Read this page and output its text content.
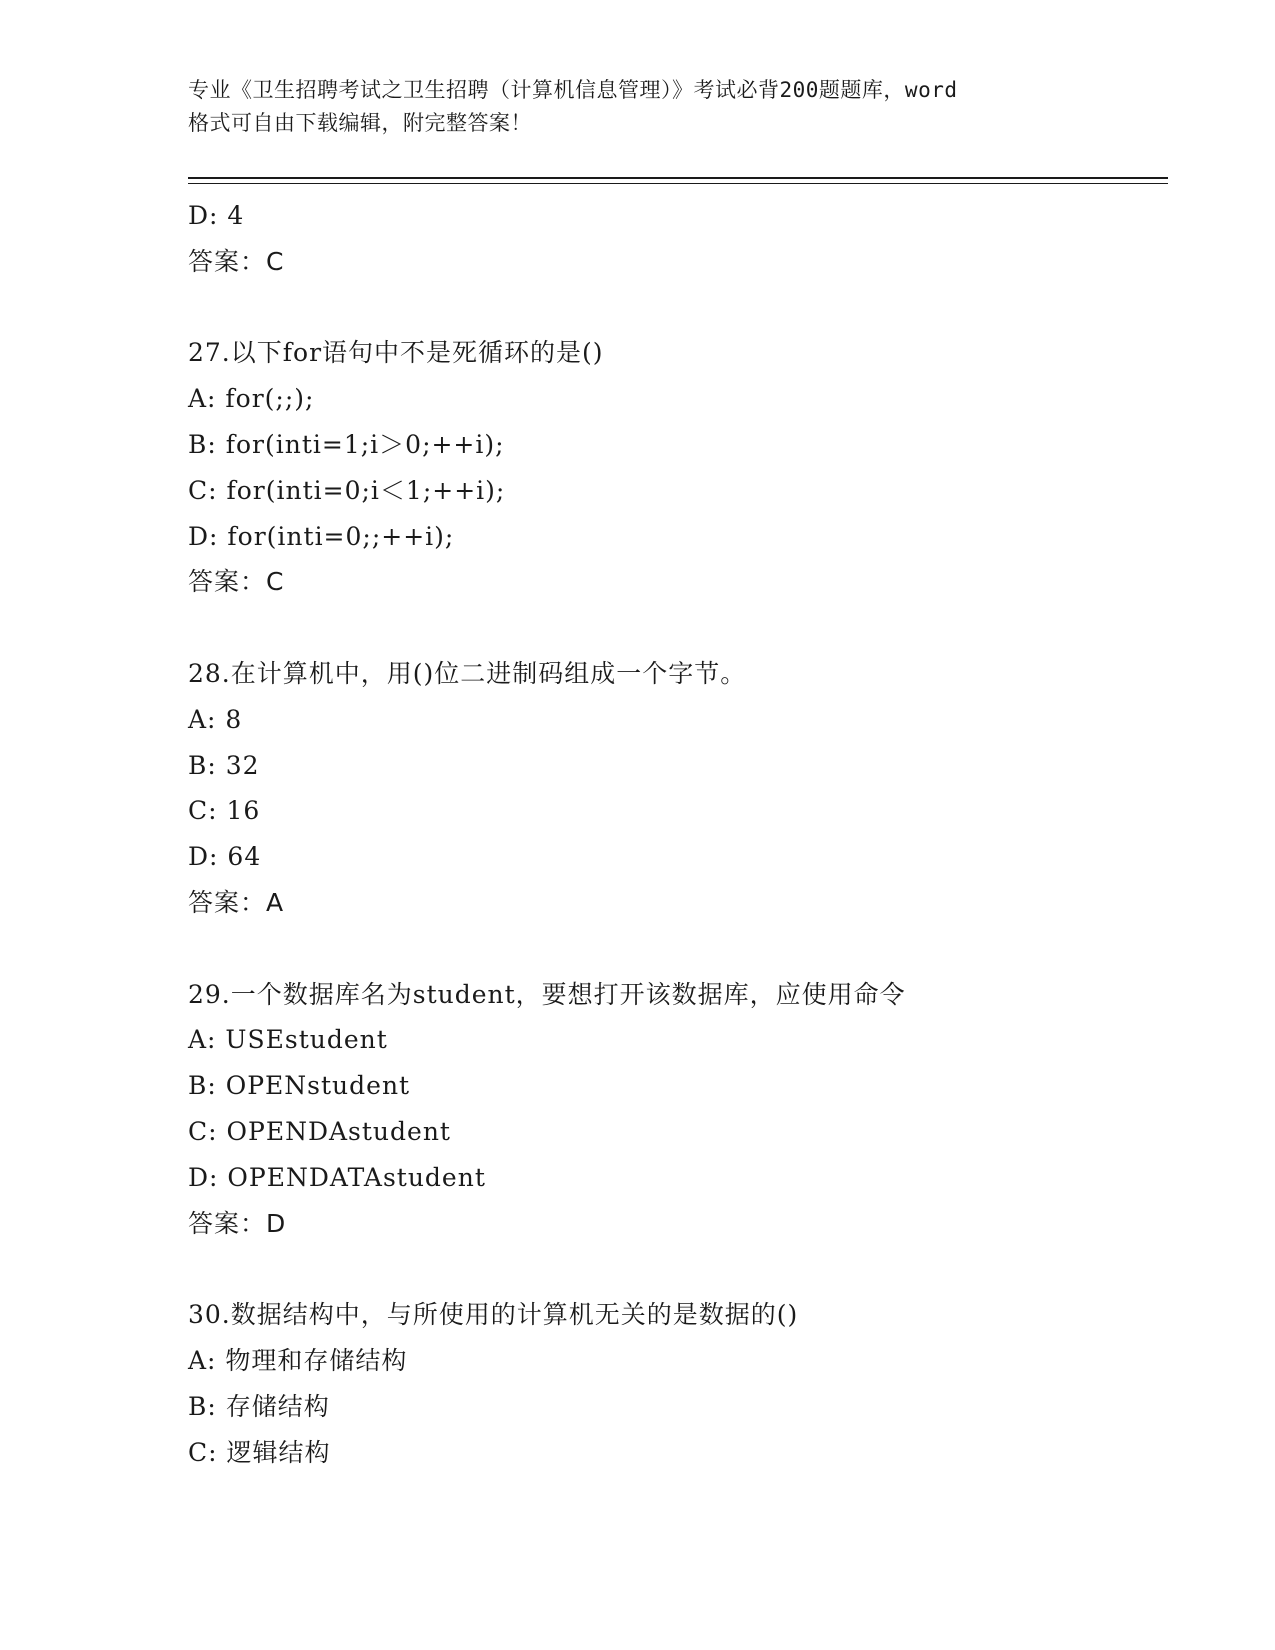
专业《卫生招聘考试之卫生招聘（计算机信息管理）》考试必背200题题库，word
格式可自由下载编辑，附完整答案！
D: 4
答案：C
27.以下for语句中不是死循环的是()
A: for(;;);
B: for(inti=1;i＞0;++i);
C: for(inti=0;i＜1;++i);
D: for(inti=0;;++i);
答案：C
28.在计算机中，用()位二进制码组成一个字节。
A: 8
B: 32
C: 16
D: 64
答案：A
29.一个数据库名为student，要想打开该数据库，应使用命令
A: USEstudent
B: OPENstudent
C: OPENDAstudent
D: OPENDATAstudent
答案：D
30.数据结构中，与所使用的计算机无关的是数据的()
A: 物理和存储结构
B: 存储结构
C: 逻辑结构
